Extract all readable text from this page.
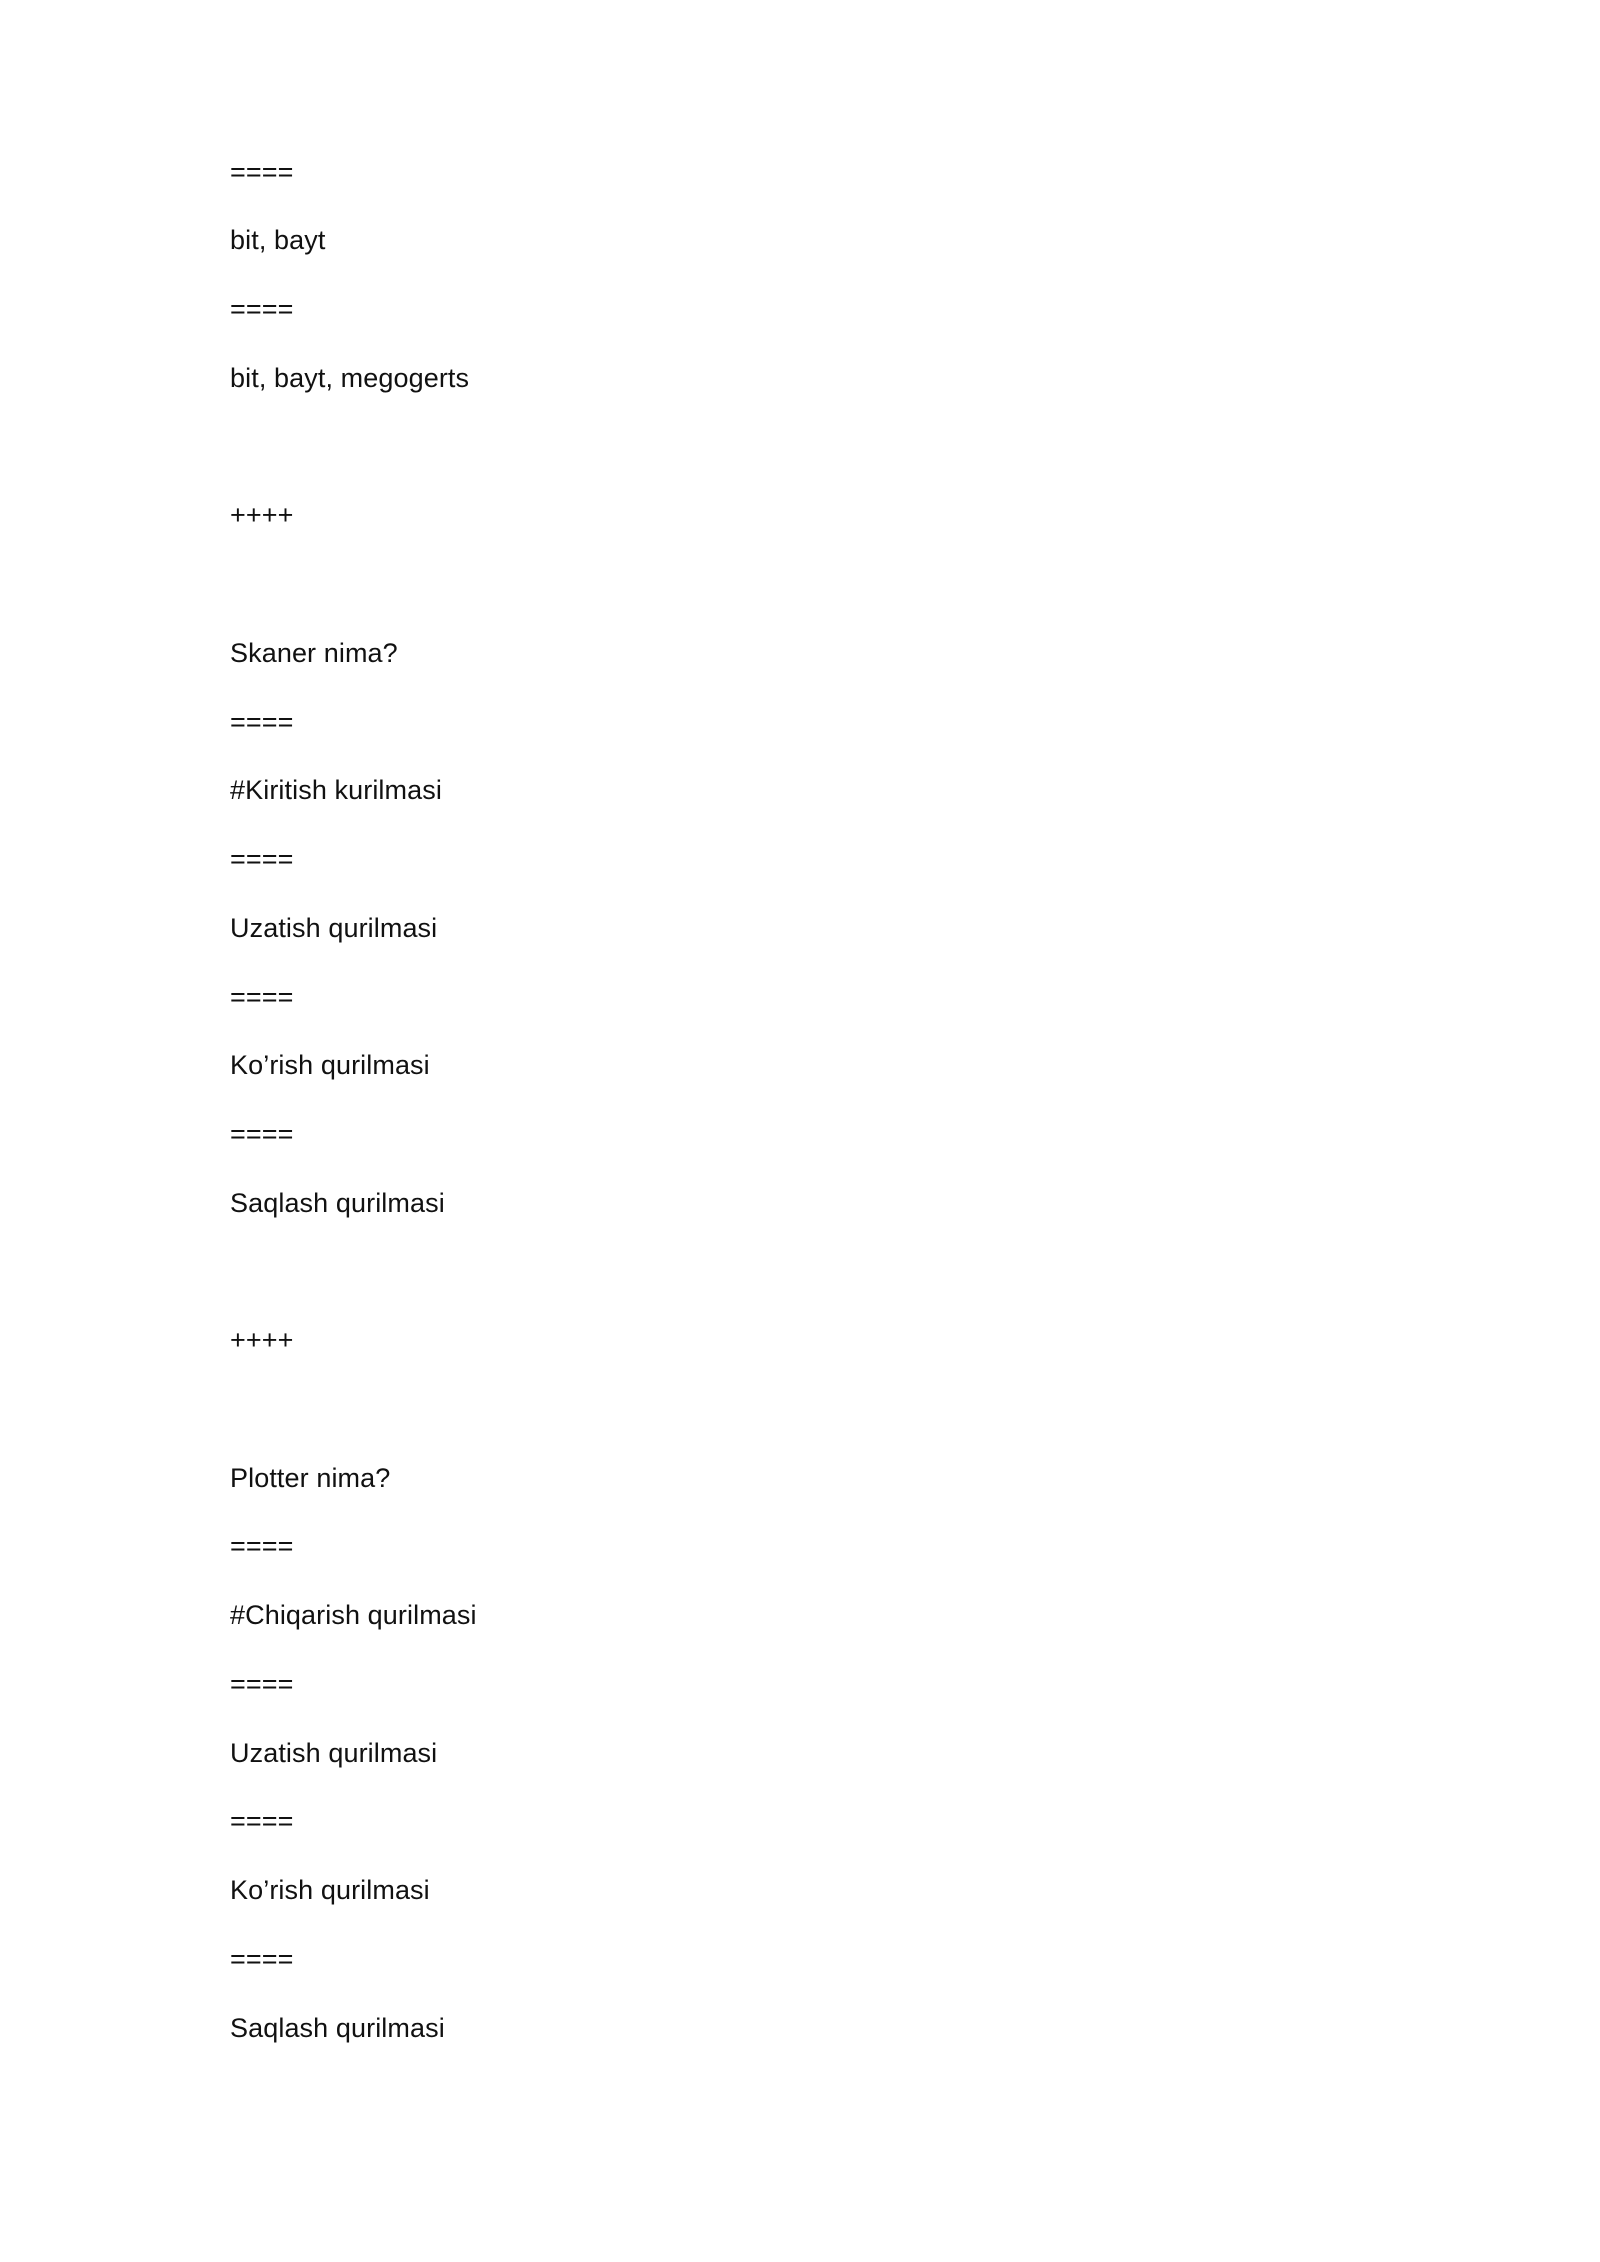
====
bit, bayt
====
bit, bayt, megogerts
++++
Skaner nima?
====
#Kiritish kurilmasi
====
Uzatish qurilmasi
====
Ko’rish qurilmasi
====
Saqlash qurilmasi
++++
Plotter nima?
====
#Chiqarish qurilmasi
====
Uzatish qurilmasi
====
Ko’rish qurilmasi
====
Saqlash qurilmasi
